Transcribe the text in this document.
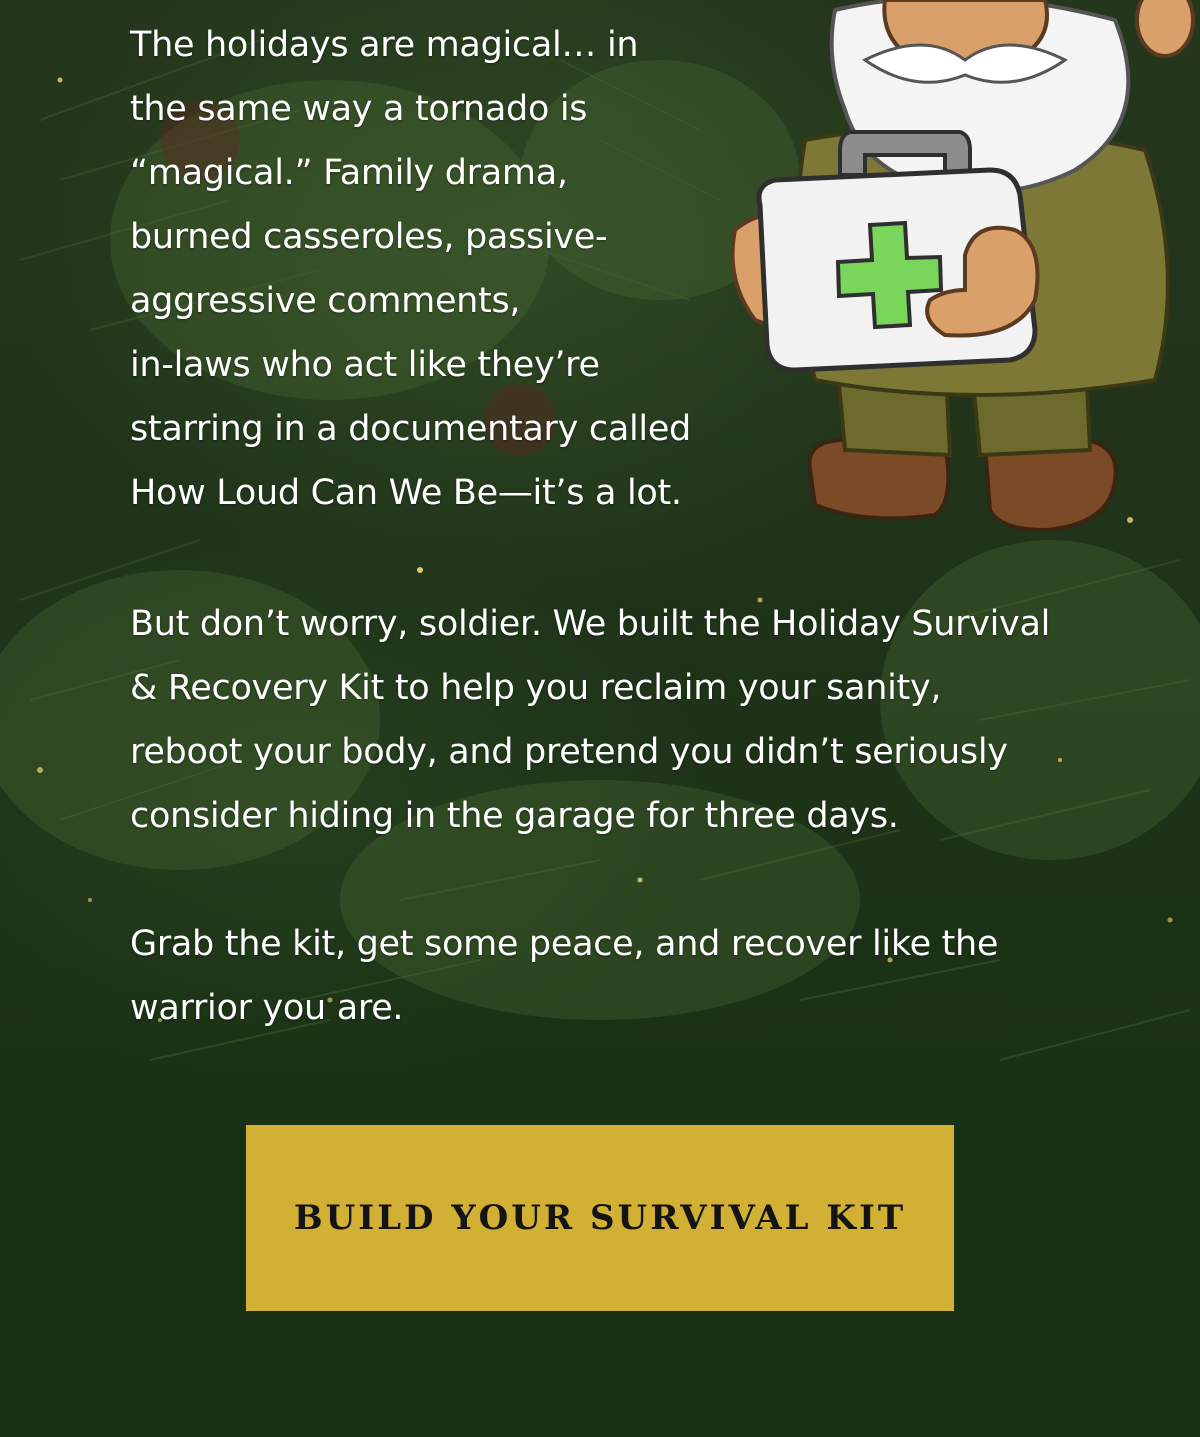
The holidays are magical… in
the same way a tornado is
“magical.” Family drama,
burned casseroles, passive-
aggressive comments,
in-laws who act like they’re
starring in a documentary called
How Loud Can We Be—it’s a lot.
But don’t worry, soldier. We built the Holiday Survival
& Recovery Kit to help you reclaim your sanity,
reboot your body, and pretend you didn’t seriously
consider hiding in the garage for three days.
Grab the kit, get some peace, and recover like the
warrior you are.
BUILD YOUR SURVIVAL KIT
